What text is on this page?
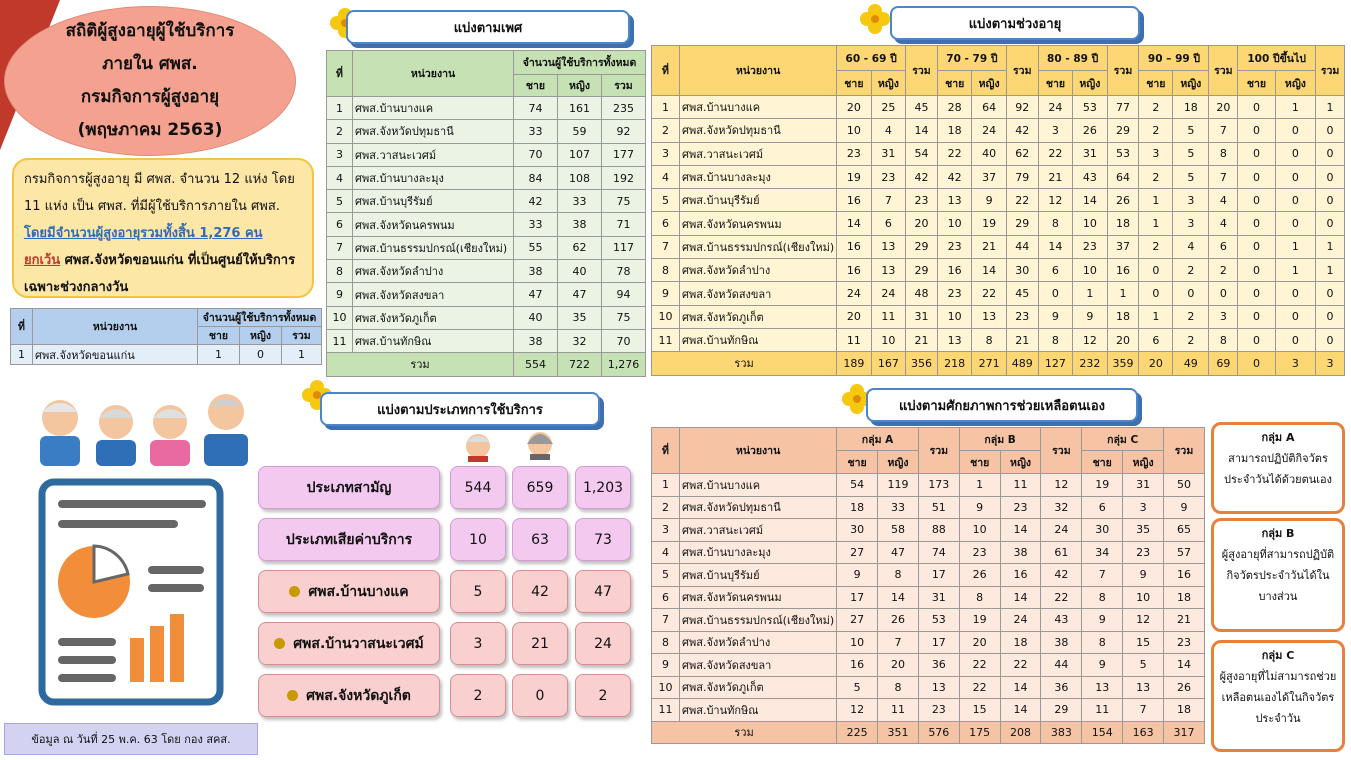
สถิติผู้สูงอายุผู้ใช้บริการ
ภายใน ศพส.
กรมกิจการผู้สูงอายุ
(พฤษภาคม 2563)
กรมกิจการผู้สูงอายุ มี ศพส. จำนวน 12 แห่ง โดย 11 แห่ง เป็น ศพส. ที่มีผู้ใช้บริการภายใน ศพส. โดยมีจำนวนผู้สูงอายุรวมทั้งสิ้น 1,276 คน ยกเว้น ศพส.จังหวัดขอนแก่น ที่เป็นศูนย์ให้บริการเฉพาะช่วงกลางวัน
ที่	หน่วยงาน	จำนวนผู้ใช้บริการทั้งหมด		
		ชาย	หญิง	รวม
1	ศพส.จังหวัดขอนแก่น	1	0	1
ข้อมูล ณ วันที่ 25 พ.ค. 63 โดย กอง สคส.
แบ่งตามเพศ
ที่	หน่วยงาน	จำนวนผู้ใช้บริการทั้งหมด		
		ชาย	หญิง	รวม
1	ศพส.บ้านบางแค	74	161	235
2	ศพส.จังหวัดปทุมธานี	33	59	92
3	ศพส.วาสนะเวศม์	70	107	177
4	ศพส.บ้านบางละมุง	84	108	192
5	ศพส.บ้านบุรีรัมย์	42	33	75
6	ศพส.จังหวัดนครพนม	33	38	71
7	ศพส.บ้านธรรมปกรณ์(เชียงใหม่)	55	62	117
8	ศพส.จังหวัดลำปาง	38	40	78
9	ศพส.จังหวัดสงขลา	47	47	94
10	ศพส.จังหวัดภูเก็ต	40	35	75
11	ศพส.บ้านทักษิณ	38	32	70
รวม		554	722	1,276
แบ่งตามช่วงอายุ
ที่	หน่วยงาน	60 - 69 ปี		รวม	70 - 79 ปี		รวม	80 - 89 ปี		รวม	90 – 99 ปี		รวม	100 ปีขึ้นไป		รวม
		ชาย	หญิง		ชาย	หญิง		ชาย	หญิง		ชาย	หญิง		ชาย	หญิง	
1	ศพส.บ้านบางแค	20	25	45	28	64	92	24	53	77	2	18	20	0	1	1
2	ศพส.จังหวัดปทุมธานี	10	4	14	18	24	42	3	26	29	2	5	7	0	0	0
3	ศพส.วาสนะเวศม์	23	31	54	22	40	62	22	31	53	3	5	8	0	0	0
4	ศพส.บ้านบางละมุง	19	23	42	42	37	79	21	43	64	2	5	7	0	0	0
5	ศพส.บ้านบุรีรัมย์	16	7	23	13	9	22	12	14	26	1	3	4	0	0	0
6	ศพส.จังหวัดนครพนม	14	6	20	10	19	29	8	10	18	1	3	4	0	0	0
7	ศพส.บ้านธรรมปกรณ์(เชียงใหม่)	16	13	29	23	21	44	14	23	37	2	4	6	0	1	1
8	ศพส.จังหวัดลำปาง	16	13	29	16	14	30	6	10	16	0	2	2	0	1	1
9	ศพส.จังหวัดสงขลา	24	24	48	23	22	45	0	1	1	0	0	0	0	0	0
10	ศพส.จังหวัดภูเก็ต	20	11	31	10	13	23	9	9	18	1	2	3	0	0	0
11	ศพส.บ้านทักษิณ	11	10	21	13	8	21	8	12	20	6	2	8	0	0	0
รวม		189	167	356	218	271	489	127	232	359	20	49	69	0	3	3
แบ่งตามประเภทการใช้บริการ
ประเภทสามัญ	544	659	1,203
ประเภทเสียค่าบริการ	10	63	73
ศพส.บ้านบางแค	5	42	47
ศพส.บ้านวาสนะเวศม์	3	21	24
ศพส.จังหวัดภูเก็ต	2	0	2
แบ่งตามศักยภาพการช่วยเหลือตนเอง
ที่	หน่วยงาน	กลุ่ม A		รวม	กลุ่ม B		รวม	กลุ่ม C		รวม
		ชาย	หญิง		ชาย	หญิง		ชาย	หญิง	
1	ศพส.บ้านบางแค	54	119	173	1	11	12	19	31	50
2	ศพส.จังหวัดปทุมธานี	18	33	51	9	23	32	6	3	9
3	ศพส.วาสนะเวศม์	30	58	88	10	14	24	30	35	65
4	ศพส.บ้านบางละมุง	27	47	74	23	38	61	34	23	57
5	ศพส.บ้านบุรีรัมย์	9	8	17	26	16	42	7	9	16
6	ศพส.จังหวัดนครพนม	17	14	31	8	14	22	8	10	18
7	ศพส.บ้านธรรมปกรณ์(เชียงใหม่)	27	26	53	19	24	43	9	12	21
8	ศพส.จังหวัดลำปาง	10	7	17	20	18	38	8	15	23
9	ศพส.จังหวัดสงขลา	16	20	36	22	22	44	9	5	14
10	ศพส.จังหวัดภูเก็ต	5	8	13	22	14	36	13	13	26
11	ศพส.บ้านทักษิณ	12	11	23	15	14	29	11	7	18
รวม		225	351	576	175	208	383	154	163	317
กลุ่ม A
สามารถปฏิบัติกิจวัตรประจำวันได้ด้วยตนเอง
กลุ่ม B
ผู้สูงอายุที่สามารถปฏิบัติกิจวัตรประจำวันได้ในบางส่วน
กลุ่ม C
ผู้สูงอายุที่ไม่สามารถช่วยเหลือตนเองได้ในกิจวัตรประจำวัน
